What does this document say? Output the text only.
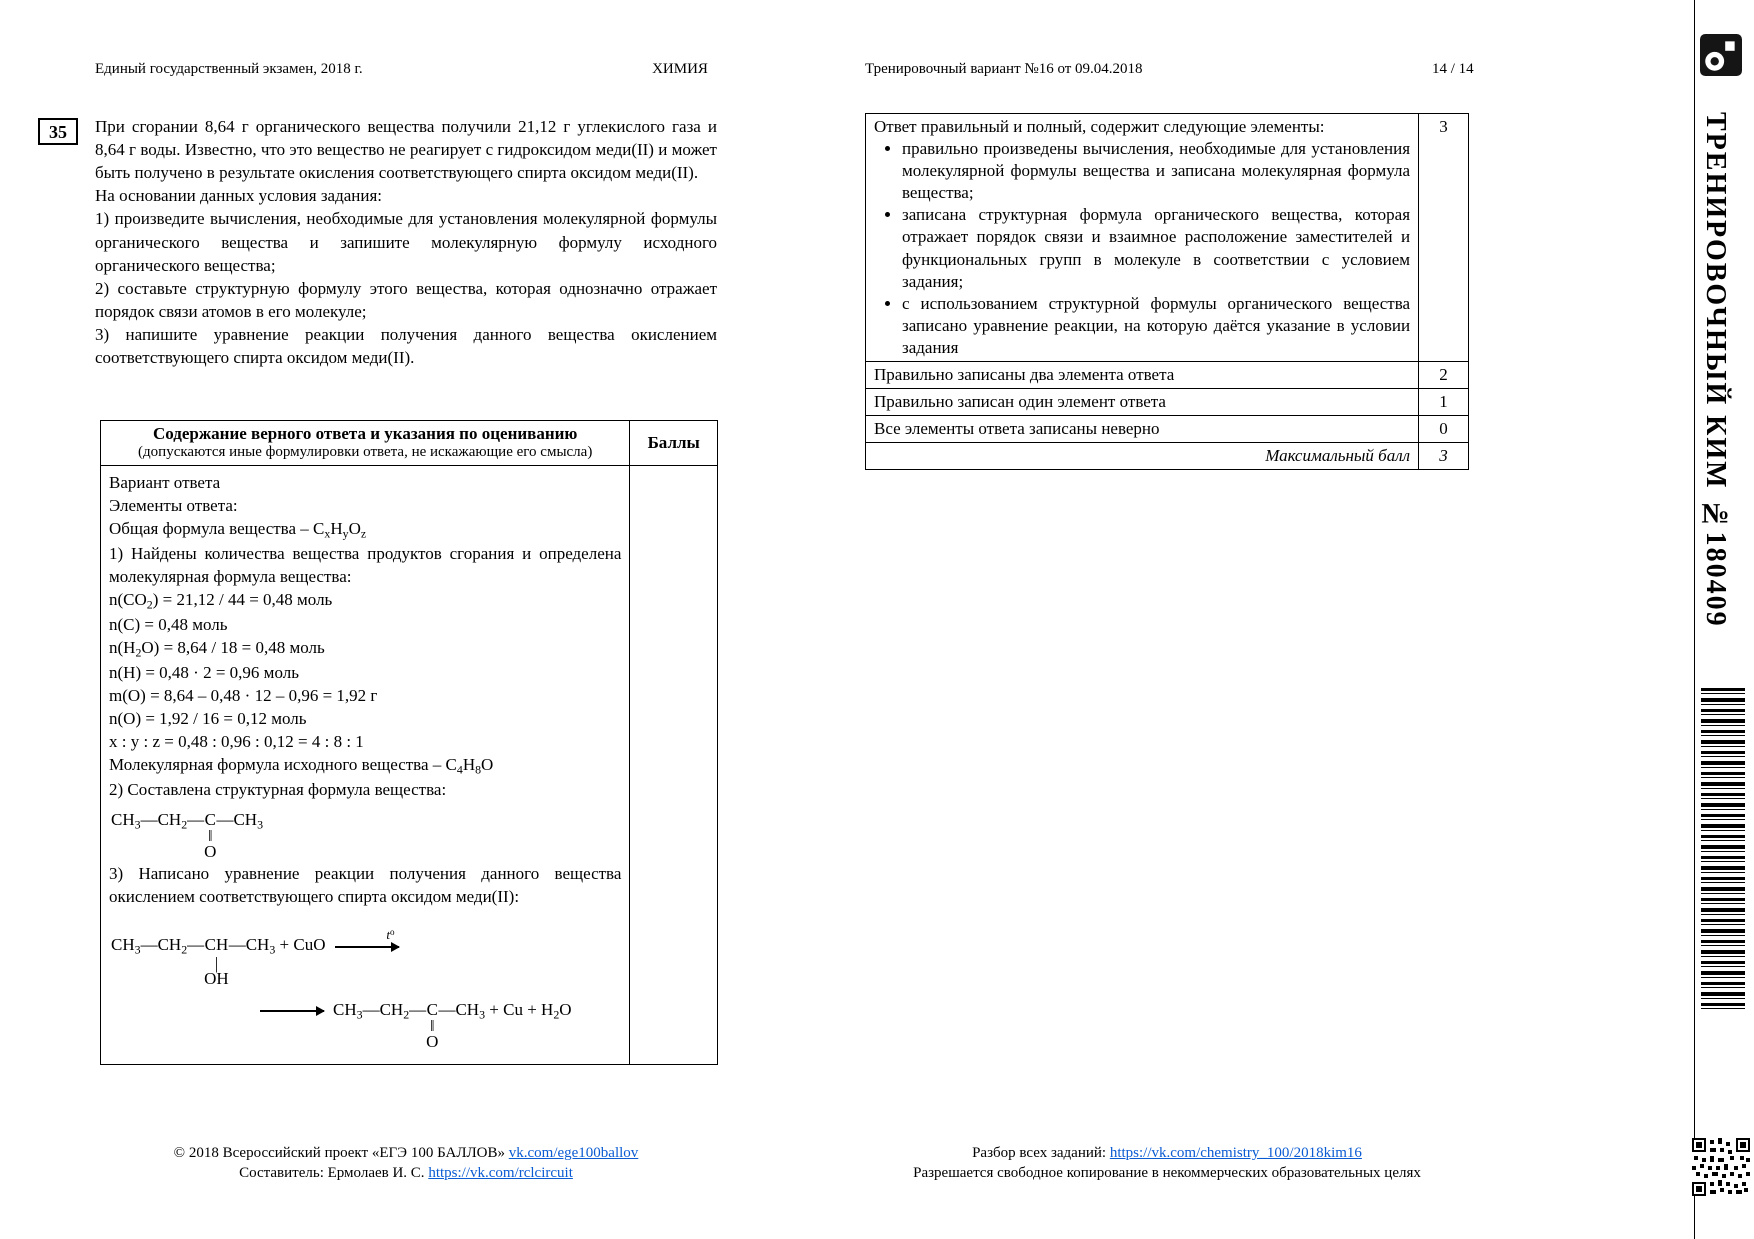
Единый государственный экзамен, 2018 г.	ХИМИЯ	Тренировочный вариант №16 от 09.04.2018	14 / 14
35	При сгорании 8,64 г органического вещества получили 21,12 г углекислого газа и 8,64 г воды. Известно, что это вещество не реагирует с гидроксидом меди(II) и может быть получено в результате окисления соответствующего спирта оксидом меди(II).
На основании данных условия задания:
1) произведите вычисления, необходимые для установления молекулярной формулы органического вещества и запишите молекулярную формулу исходного органического вещества;
2) составьте структурную формулу этого вещества, которая однозначно отражает порядок связи атомов в его молекуле;
3) напишите уравнение реакции получения данного вещества окислением соответствующего спирта оксидом меди(II).
Содержание верного ответа и указания по оцениванию
(допускаются иные формулировки ответа, не искажающие его смысла)	Баллы

Вариант ответа
Элементы ответа:
Общая формула вещества – $C_xH_yO_z$
1) Найдены количества вещества продуктов сгорания и определена молекулярная формула вещества:
$n(CO_2) = 21,12 / 44 = 0,48$ моль
n(C) = 0,48 моль
$n(H_2O) = 8,64 / 18 = 0,48$ моль
n(H) = 0,48 · 2 = 0,96 моль
m(O) = 8,64 – 0,48 · 12 – 0,96 = 1,92 г
n(O) = 1,92 / 16 = 0,12 моль
x : y : z = 0,48 : 0,96 : 0,12 = 4 : 8 : 1
Молекулярная формула исходного вещества – $C_4H_8O$
2) Составлена структурная формула вещества:
$CH_3—CH_2—$ C
‖
O
$—CH_3$
3) Написано уравнение реакции получения данного вещества окислением соответствующего спирта оксидом меди(II):
$CH_3—CH_2—$ CH
|
OH
$—CH_3$ + CuO
$t^o$
→ $CH_3—CH_2—$ C
‖
O
$—CH_3 + Cu + H_2O$

Ответ правильный и полный, содержит следующие элементы:
• правильно произведены вычисления, необходимые для установления молекулярной формулы вещества и записана молекулярная формула вещества;
• записана структурная формула органического вещества, которая отражает порядок связи и взаимное расположение заместителей и функциональных групп в молекуле в соответствии с условием задания;
• с использованием структурной формулы органического вещества записано уравнение реакции, на которую даётся указание в условии задания
	3
Правильно записаны два элемента ответа	2
Правильно записан один элемент ответа	1
Все элементы ответа записаны неверно	0
Максимальный балл	3
© 2018 Всероссийский проект «ЕГЭ 100 БАЛЛОВ» vk.com/ege100ballov
Составитель: Ермолаев И. С. https://vk.com/rclcircuit
Разбор всех заданий: https://vk.com/chemistry_100/2018kim16
Разрешается свободное копирование в некоммерческих образовательных целях
ТРЕНИРОВОЧНЫЙ КИМ №180409
